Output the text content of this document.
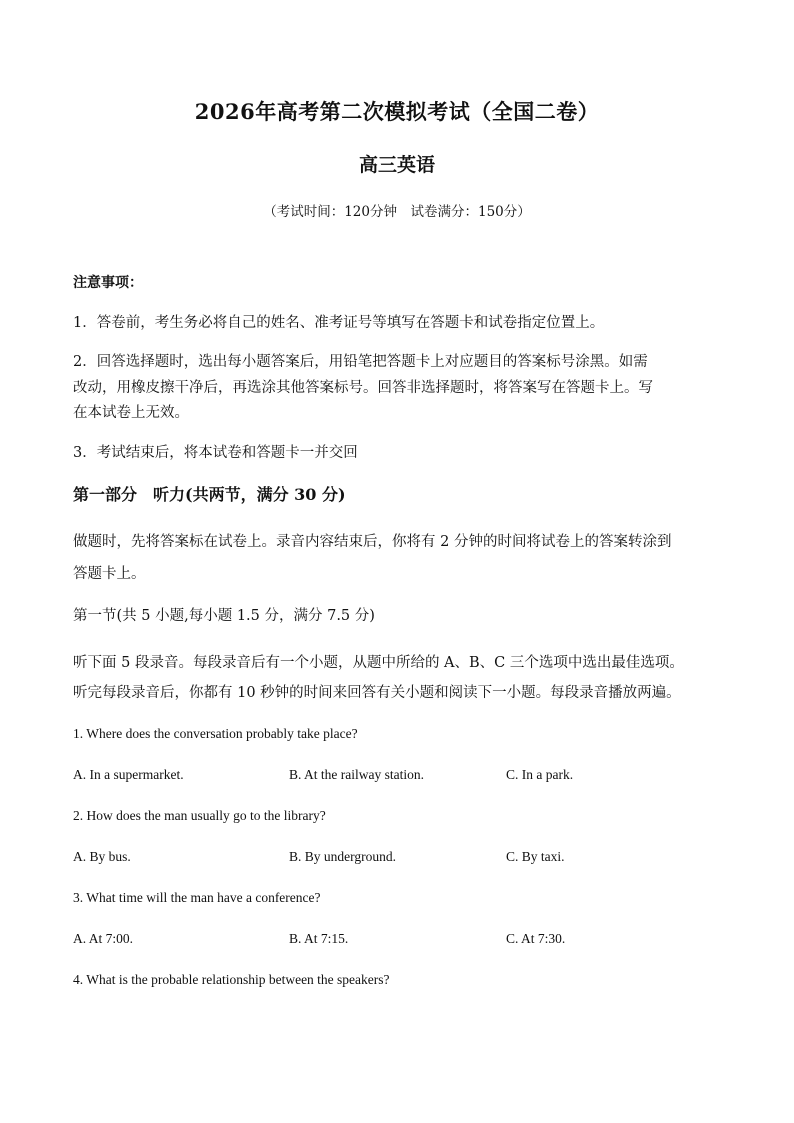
2026年高考第二次模拟考试（全国二卷）
高三英语
（考试时间：120分钟　试卷满分：150分）
注意事项：
1．答卷前，考生务必将自己的姓名、准考证号等填写在答题卡和试卷指定位置上。
2．回答选择题时，选出每小题答案后，用铅笔把答题卡上对应题目的答案标号涂黑。如需
改动，用橡皮擦干净后，再选涂其他答案标号。回答非选择题时，将答案写在答题卡上。写
在本试卷上无效。
3．考试结束后，将本试卷和答题卡一并交回
第一部分　听力(共两节，满分 30 分)
做题时，先将答案标在试卷上。录音内容结束后，你将有 2 分钟的时间将试卷上的答案转涂到
答题卡上。
第一节(共 5 小题,每小题 1.5 分，满分 7.5 分)
听下面 5 段录音。每段录音后有一个小题，从题中所给的 A、B、C 三个选项中选出最佳选项。
听完每段录音后，你都有 10 秒钟的时间来回答有关小题和阅读下一小题。每段录音播放两遍。
1. Where does the conversation probably take place?
A. In a supermarket.	B. At the railway station.	C. In a park.
2. How does the man usually go to the library?
A. By bus.	B. By underground.	C. By taxi.
3. What time will the man have a conference?
A. At 7:00.	B. At 7:15.	C. At 7:30.
4. What is the probable relationship between the speakers?
